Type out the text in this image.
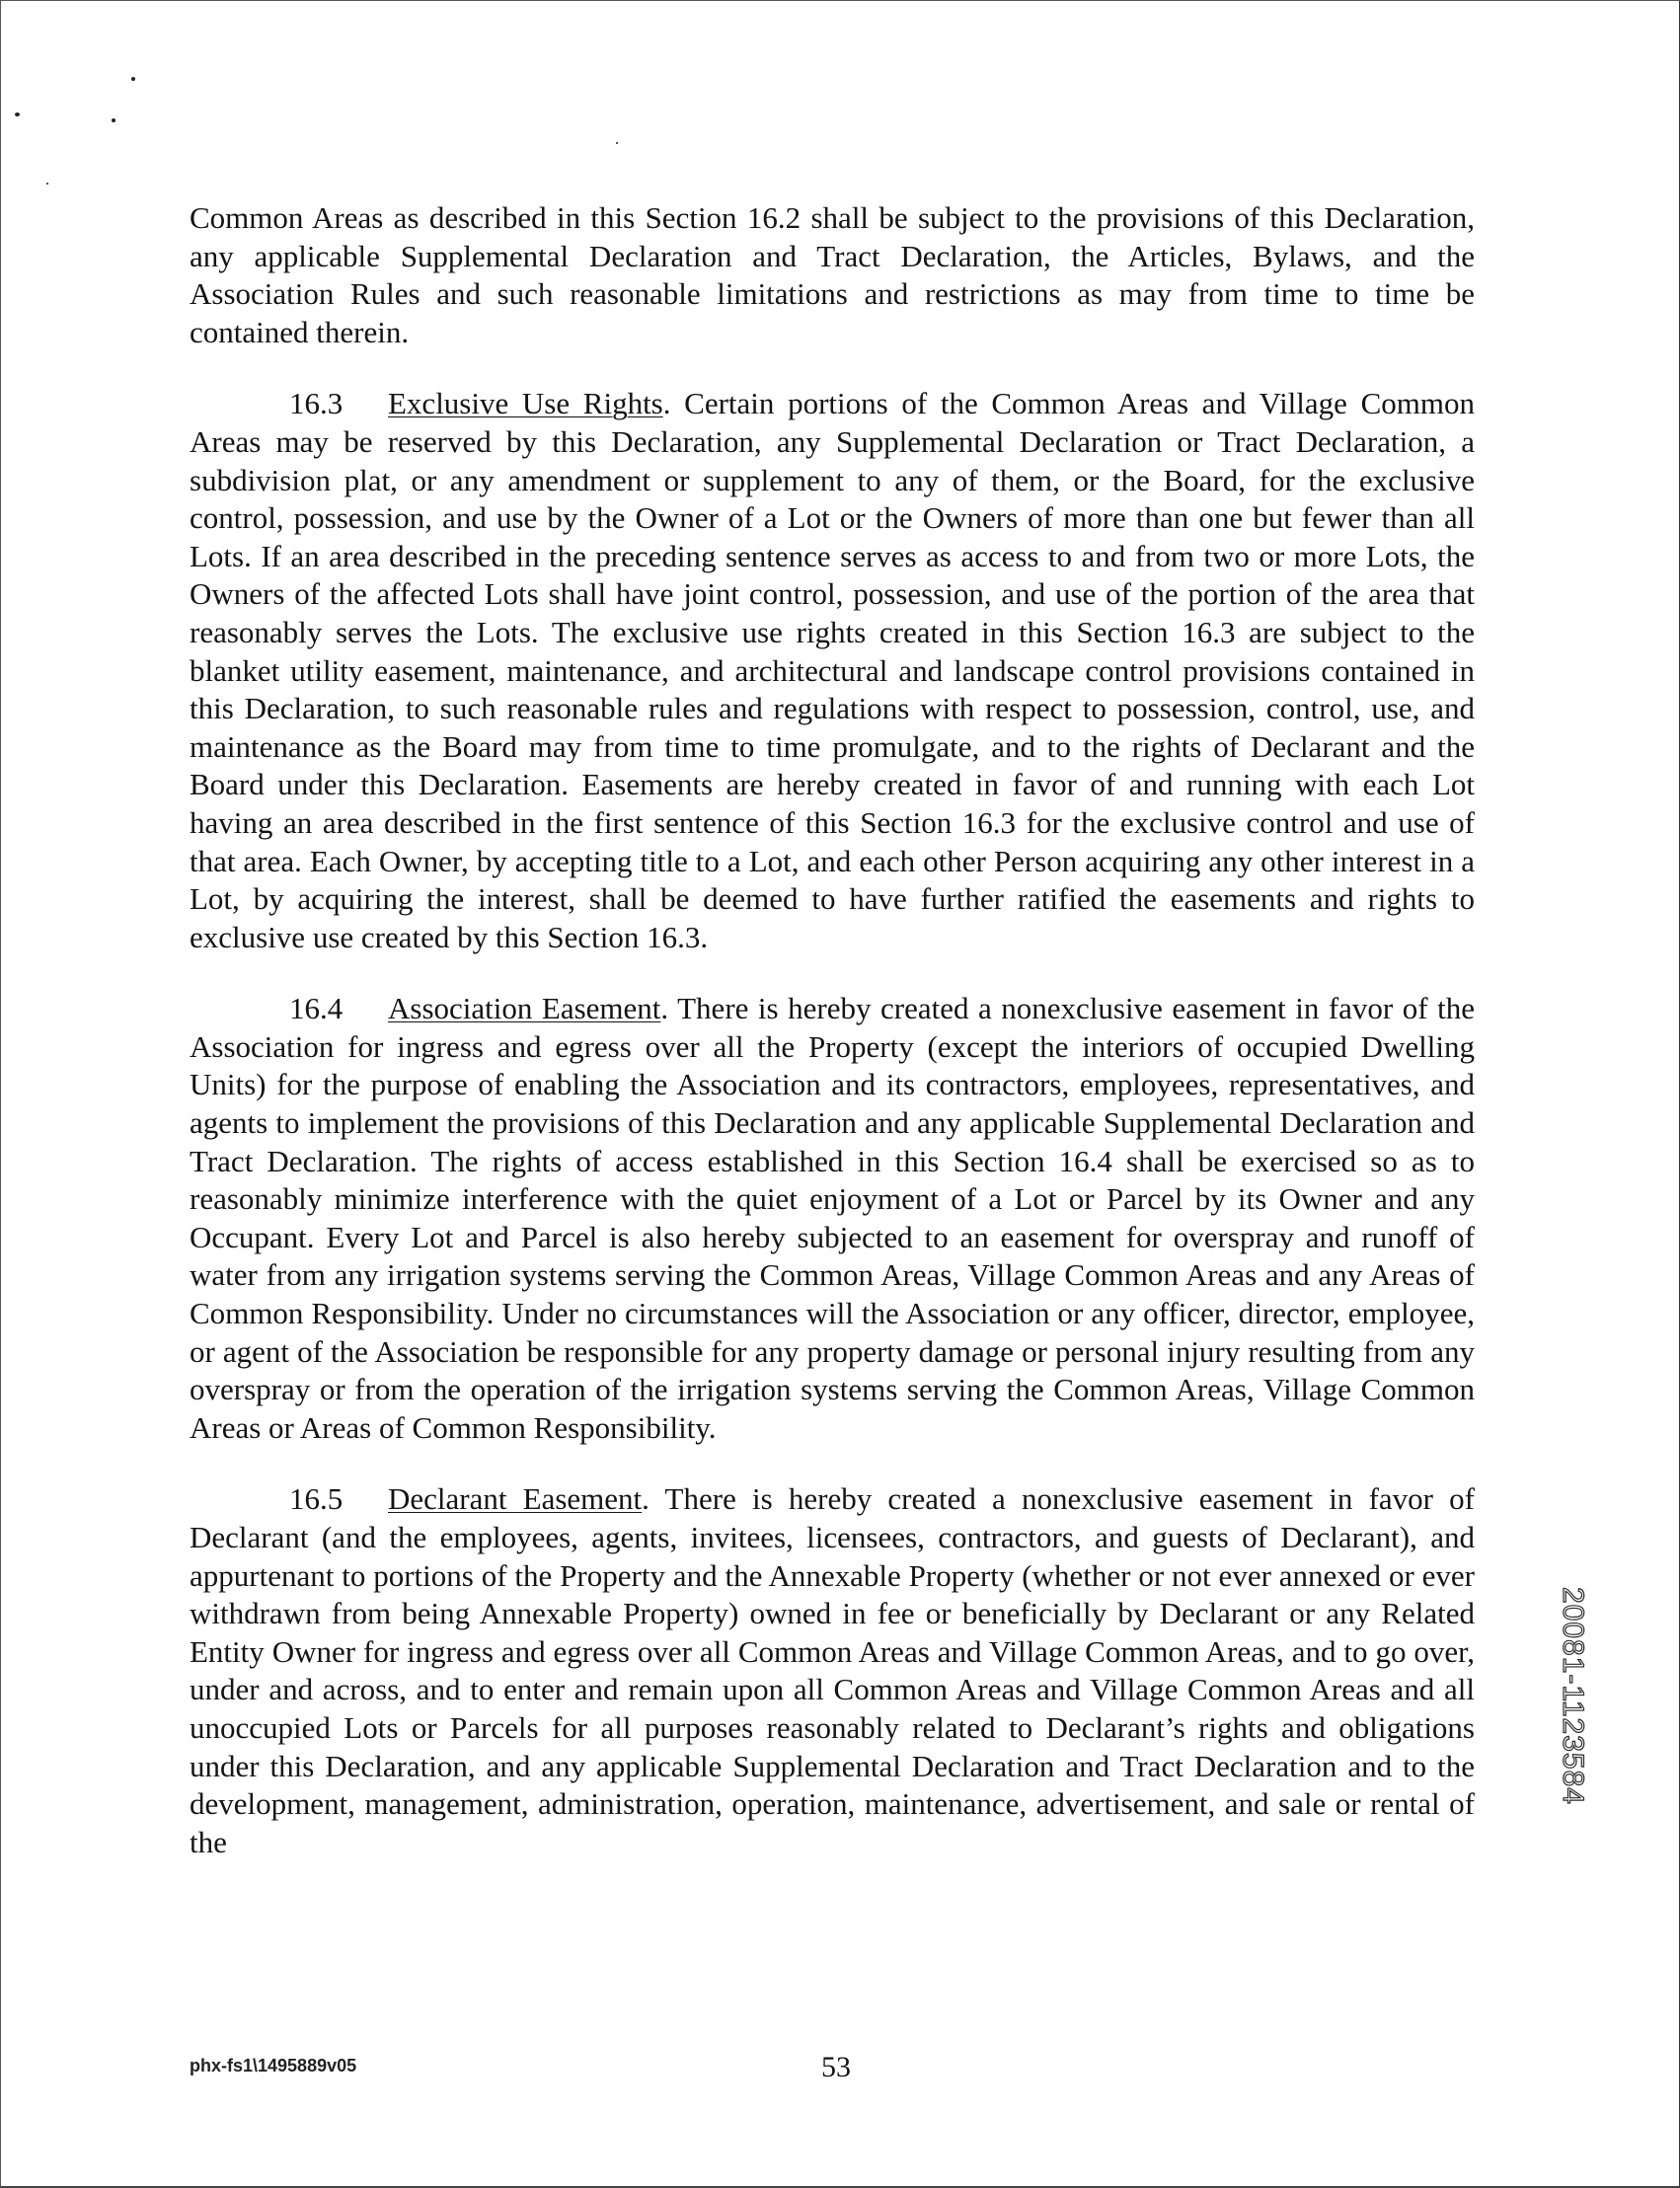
Common Areas as described in this Section 16.2 shall be subject to the provisions of this Declaration, any applicable Supplemental Declaration and Tract Declaration, the Articles, Bylaws, and the Association Rules and such reasonable limitations and restrictions as may from time to time be contained therein.

16.3 Exclusive Use Rights. Certain portions of the Common Areas and Village Common Areas may be reserved by this Declaration, any Supplemental Declaration or Tract Declaration, a subdivision plat, or any amendment or supplement to any of them, or the Board, for the exclusive control, possession, and use by the Owner of a Lot or the Owners of more than one but fewer than all Lots. If an area described in the preceding sentence serves as access to and from two or more Lots, the Owners of the affected Lots shall have joint control, possession, and use of the portion of the area that reasonably serves the Lots. The exclusive use rights created in this Section 16.3 are subject to the blanket utility easement, maintenance, and architectural and landscape control provisions contained in this Declaration, to such reasonable rules and regulations with respect to possession, control, use, and maintenance as the Board may from time to time promulgate, and to the rights of Declarant and the Board under this Declaration. Easements are hereby created in favor of and running with each Lot having an area described in the first sentence of this Section 16.3 for the exclusive control and use of that area. Each Owner, by accepting title to a Lot, and each other Person acquiring any other interest in a Lot, by acquiring the interest, shall be deemed to have further ratified the easements and rights to exclusive use created by this Section 16.3.

16.4 Association Easement. There is hereby created a nonexclusive easement in favor of the Association for ingress and egress over all the Property (except the interiors of occupied Dwelling Units) for the purpose of enabling the Association and its contractors, employees, representatives, and agents to implement the provisions of this Declaration and any applicable Supplemental Declaration and Tract Declaration. The rights of access established in this Section 16.4 shall be exercised so as to reasonably minimize interference with the quiet enjoyment of a Lot or Parcel by its Owner and any Occupant. Every Lot and Parcel is also hereby subjected to an easement for overspray and runoff of water from any irrigation systems serving the Common Areas, Village Common Areas and any Areas of Common Responsibility. Under no circumstances will the Association or any officer, director, employee, or agent of the Association be responsible for any property damage or personal injury resulting from any overspray or from the operation of the irrigation systems serving the Common Areas, Village Common Areas or Areas of Common Responsibility.

16.5 Declarant Easement. There is hereby created a nonexclusive easement in favor of Declarant (and the employees, agents, invitees, licensees, contractors, and guests of Declarant), and appurtenant to portions of the Property and the Annexable Property (whether or not ever annexed or ever withdrawn from being Annexable Property) owned in fee or beneficially by Declarant or any Related Entity Owner for ingress and egress over all Common Areas and Village Common Areas, and to go over, under and across, and to enter and remain upon all Common Areas and Village Common Areas and all unoccupied Lots or Parcels for all purposes reasonably related to Declarant’s rights and obligations under this Declaration, and any applicable Supplemental Declaration and Tract Declaration and to the development, management, administration, operation, maintenance, advertisement, and sale or rental of the

20081-1123584
phx-fs1\1495889v05	53
